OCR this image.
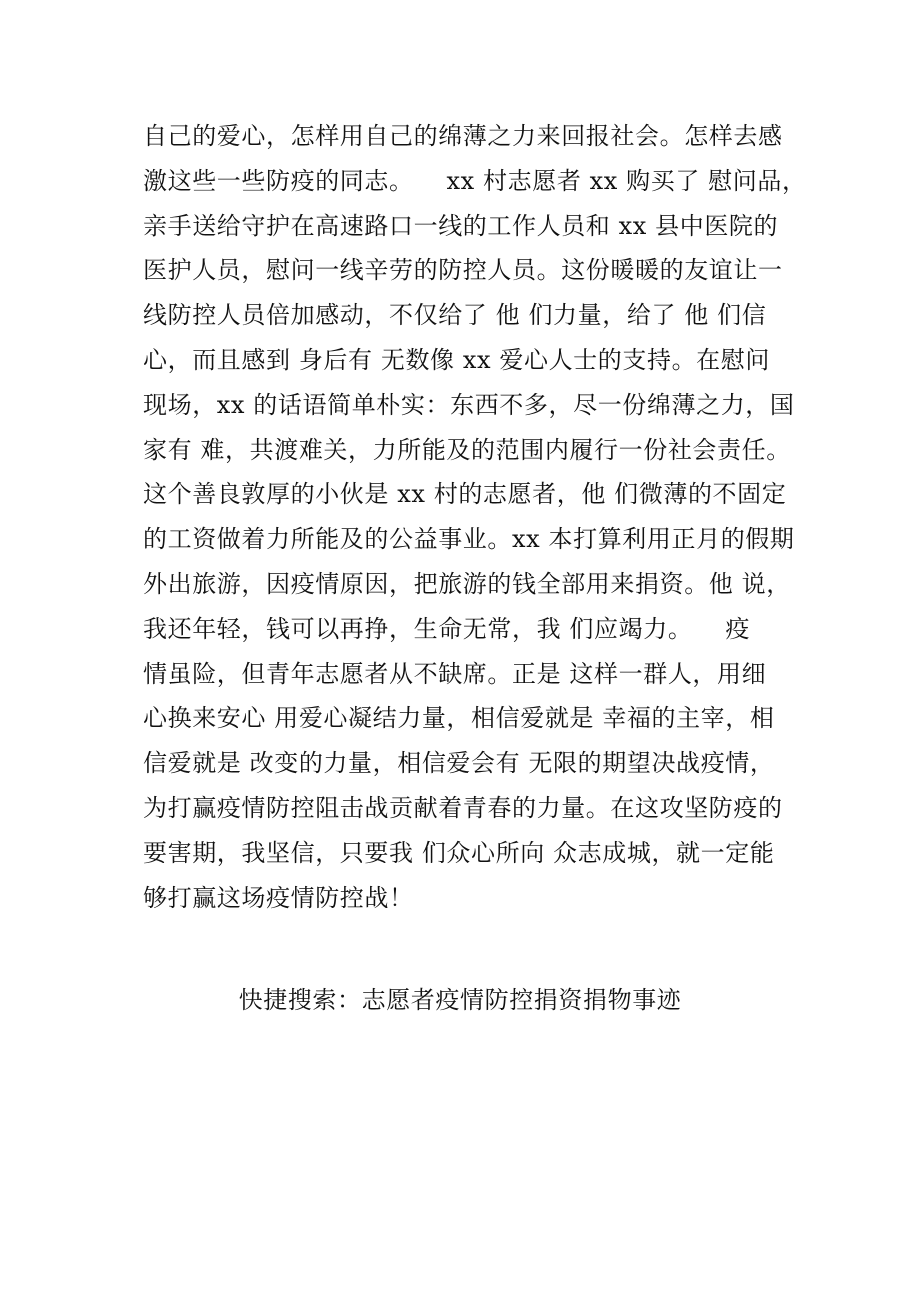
自己的爱心，怎样用自己的绵薄之力来回报社会。怎样去感
激这些一些防疫的同志。    xx 村志愿者 xx 购买了 慰问品，
亲手送给守护在高速路口一线的工作人员和 xx 县中医院的
医护人员，慰问一线辛劳的防控人员。这份暖暖的友谊让一
线防控人员倍加感动，不仅给了 他 们力量，给了 他 们信
心，而且感到 身后有 无数像 xx 爱心人士的支持。在慰问
现场，xx 的话语简单朴实：东西不多，尽一份绵薄之力，国
家有 难，共渡难关，力所能及的范围内履行一份社会责任。
这个善良敦厚的小伙是 xx 村的志愿者，他 们微薄的不固定
的工资做着力所能及的公益事业。xx 本打算利用正月的假期
外出旅游，因疫情原因，把旅游的钱全部用来捐资。他 说，
我还年轻，钱可以再挣，生命无常，我 们应竭力。    疫
情虽险，但青年志愿者从不缺席。正是 这样一群人，用细
心换来安心 用爱心凝结力量，相信爱就是 幸福的主宰，相
信爱就是 改变的力量，相信爱会有 无限的期望决战疫情，
为打赢疫情防控阻击战贡献着青春的力量。在这攻坚防疫的
要害期，我坚信，只要我 们众心所向 众志成城，就一定能
够打赢这场疫情防控战！
快捷搜索：志愿者疫情防控捐资捐物事迹
